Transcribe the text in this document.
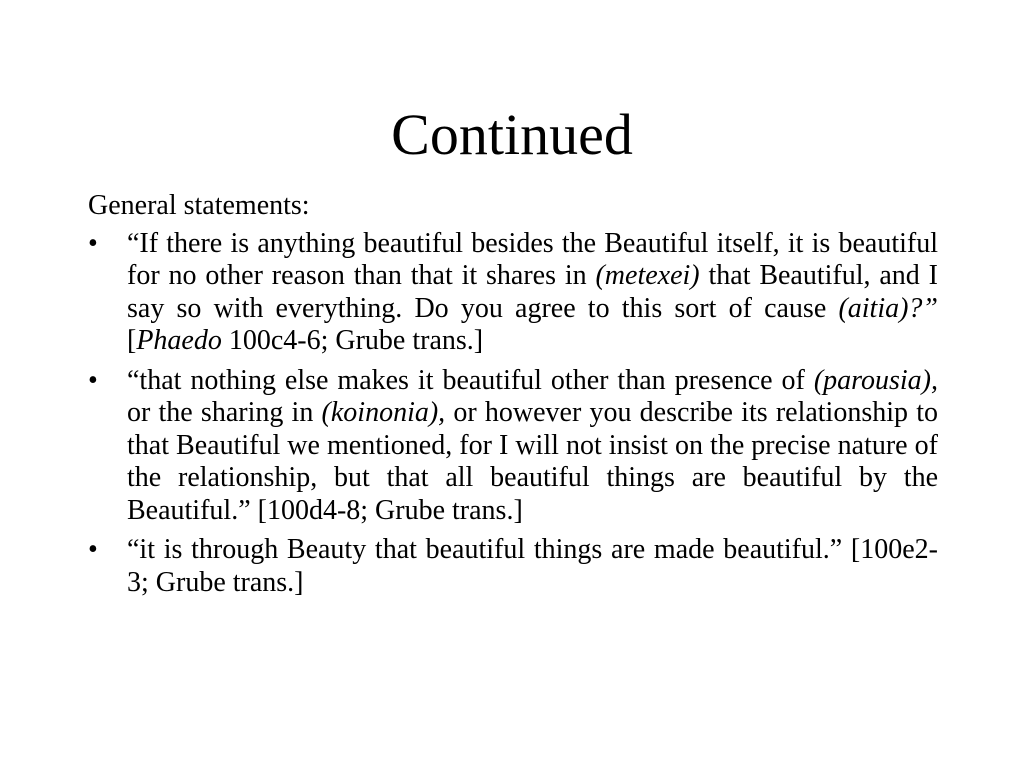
Continued

General statements:

• “If there is anything beautiful besides the Beautiful itself, it is beautiful for no other reason than that it shares in (metexei) that Beautiful, and I say so with everything. Do you agree to this sort of cause (aitia)?” [Phaedo 100c4-6; Grube trans.]
• “that nothing else makes it beautiful other than presence of (parousia), or the sharing in (koinonia), or however you describe its relationship to that Beautiful we mentioned, for I will not insist on the precise nature of the relationship, but that all beautiful things are beautiful by the Beautiful.” [100d4-8; Grube trans.]
• “it is through Beauty that beautiful things are made beautiful.” [100e2-3; Grube trans.]
